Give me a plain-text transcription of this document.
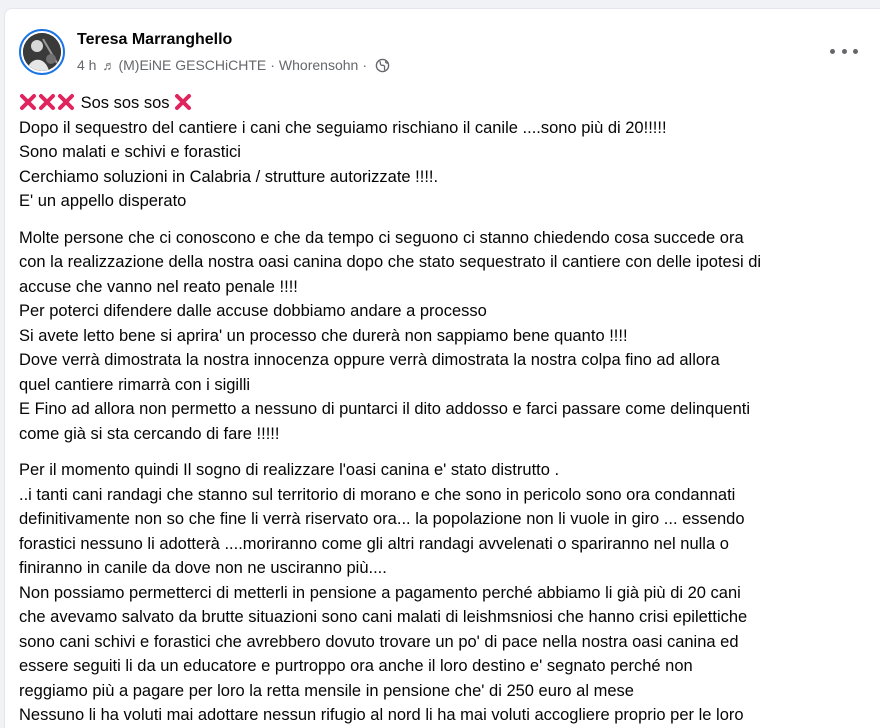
Teresa Marranghello
4 h ♬ (M)EiNE GESCHiCHTE · Whorensohn ·

Sos sos sos
Dopo il sequestro del cantiere i cani che seguiamo rischiano il canile ....sono più di 20!!!!!
Sono malati e schivi e forastici
Cerchiamo soluzioni in Calabria / strutture autorizzate !!!!.
E' un appello disperato

Molte persone che ci conoscono e che da tempo ci seguono ci stanno chiedendo cosa succede ora
con la realizzazione della nostra oasi canina dopo che stato sequestrato il cantiere con delle ipotesi di
accuse che vanno nel reato penale !!!!
Per poterci difendere dalle accuse dobbiamo andare a processo
Si avete letto bene si aprira' un processo che durerà non sappiamo bene quanto !!!!
Dove verrà dimostrata la nostra innocenza oppure verrà dimostrata la nostra colpa fino ad allora
quel cantiere rimarrà con i sigilli
E Fino ad allora non permetto a nessuno di puntarci il dito addosso e farci passare come delinquenti
come già si sta cercando di fare !!!!!

Per il momento quindi Il sogno di realizzare l'oasi canina e' stato distrutto .
..i tanti cani randagi che stanno sul territorio di morano e che sono in pericolo sono ora condannati
definitivamente non so che fine li verrà riservato ora... la popolazione non li vuole in giro ... essendo
forastici nessuno li adotterà ....moriranno come gli altri randagi avvelenati o spariranno nel nulla o
finiranno in canile da dove non ne usciranno più....
Non possiamo permetterci di metterli in pensione a pagamento perché abbiamo li già più di 20 cani
che avevamo salvato da brutte situazioni sono cani malati di leishmsniosi che hanno crisi epilettiche
sono cani schivi e forastici che avrebbero dovuto trovare un po' di pace nella nostra oasi canina ed
essere seguiti li da un educatore e purtroppo ora anche il loro destino e' segnato perché non
reggiamo più a pagare per loro la retta mensile in pensione che' di 250 euro al mese
Nessuno li ha voluti mai adottare nessun rifugio al nord li ha mai voluti accogliere proprio per le loro
